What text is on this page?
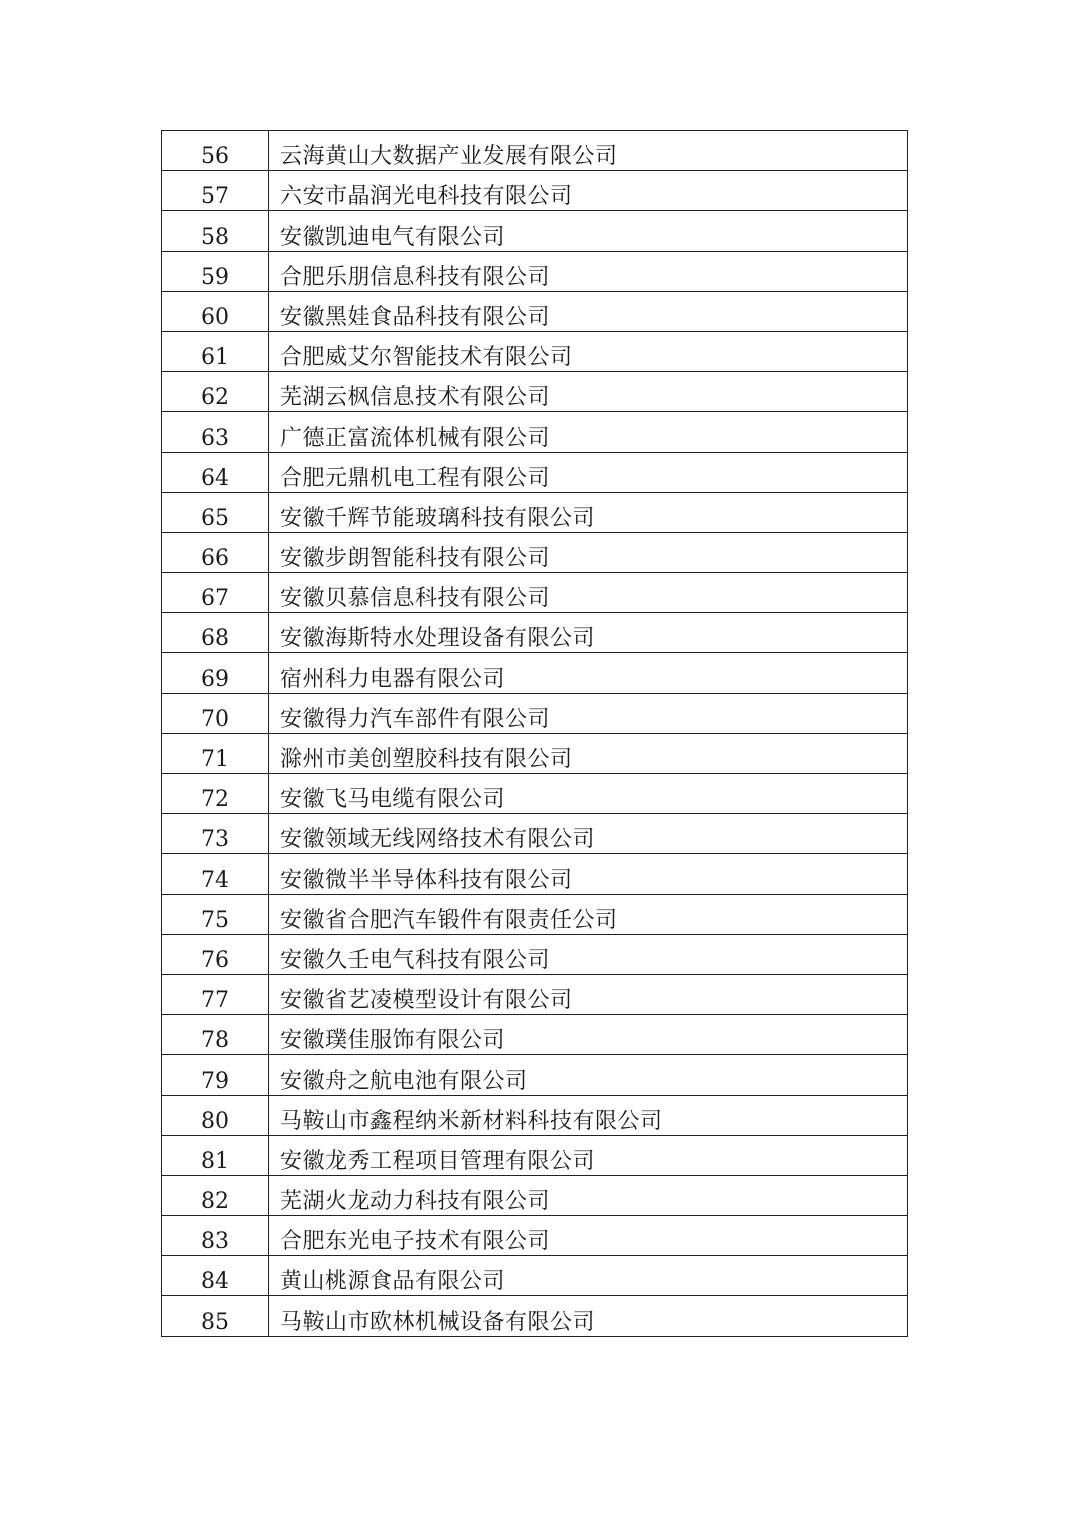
56	云海黄山大数据产业发展有限公司
57	六安市晶润光电科技有限公司
58	安徽凯迪电气有限公司
59	合肥乐朋信息科技有限公司
60	安徽黑娃食品科技有限公司
61	合肥威艾尔智能技术有限公司
62	芜湖云枫信息技术有限公司
63	广德正富流体机械有限公司
64	合肥元鼎机电工程有限公司
65	安徽千辉节能玻璃科技有限公司
66	安徽步朗智能科技有限公司
67	安徽贝慕信息科技有限公司
68	安徽海斯特水处理设备有限公司
69	宿州科力电器有限公司
70	安徽得力汽车部件有限公司
71	滁州市美创塑胶科技有限公司
72	安徽飞马电缆有限公司
73	安徽领域无线网络技术有限公司
74	安徽微半半导体科技有限公司
75	安徽省合肥汽车锻件有限责任公司
76	安徽久壬电气科技有限公司
77	安徽省艺凌模型设计有限公司
78	安徽璞佳服饰有限公司
79	安徽舟之航电池有限公司
80	马鞍山市鑫程纳米新材料科技有限公司
81	安徽龙秀工程项目管理有限公司
82	芜湖火龙动力科技有限公司
83	合肥东光电子技术有限公司
84	黄山桃源食品有限公司
85	马鞍山市欧林机械设备有限公司
